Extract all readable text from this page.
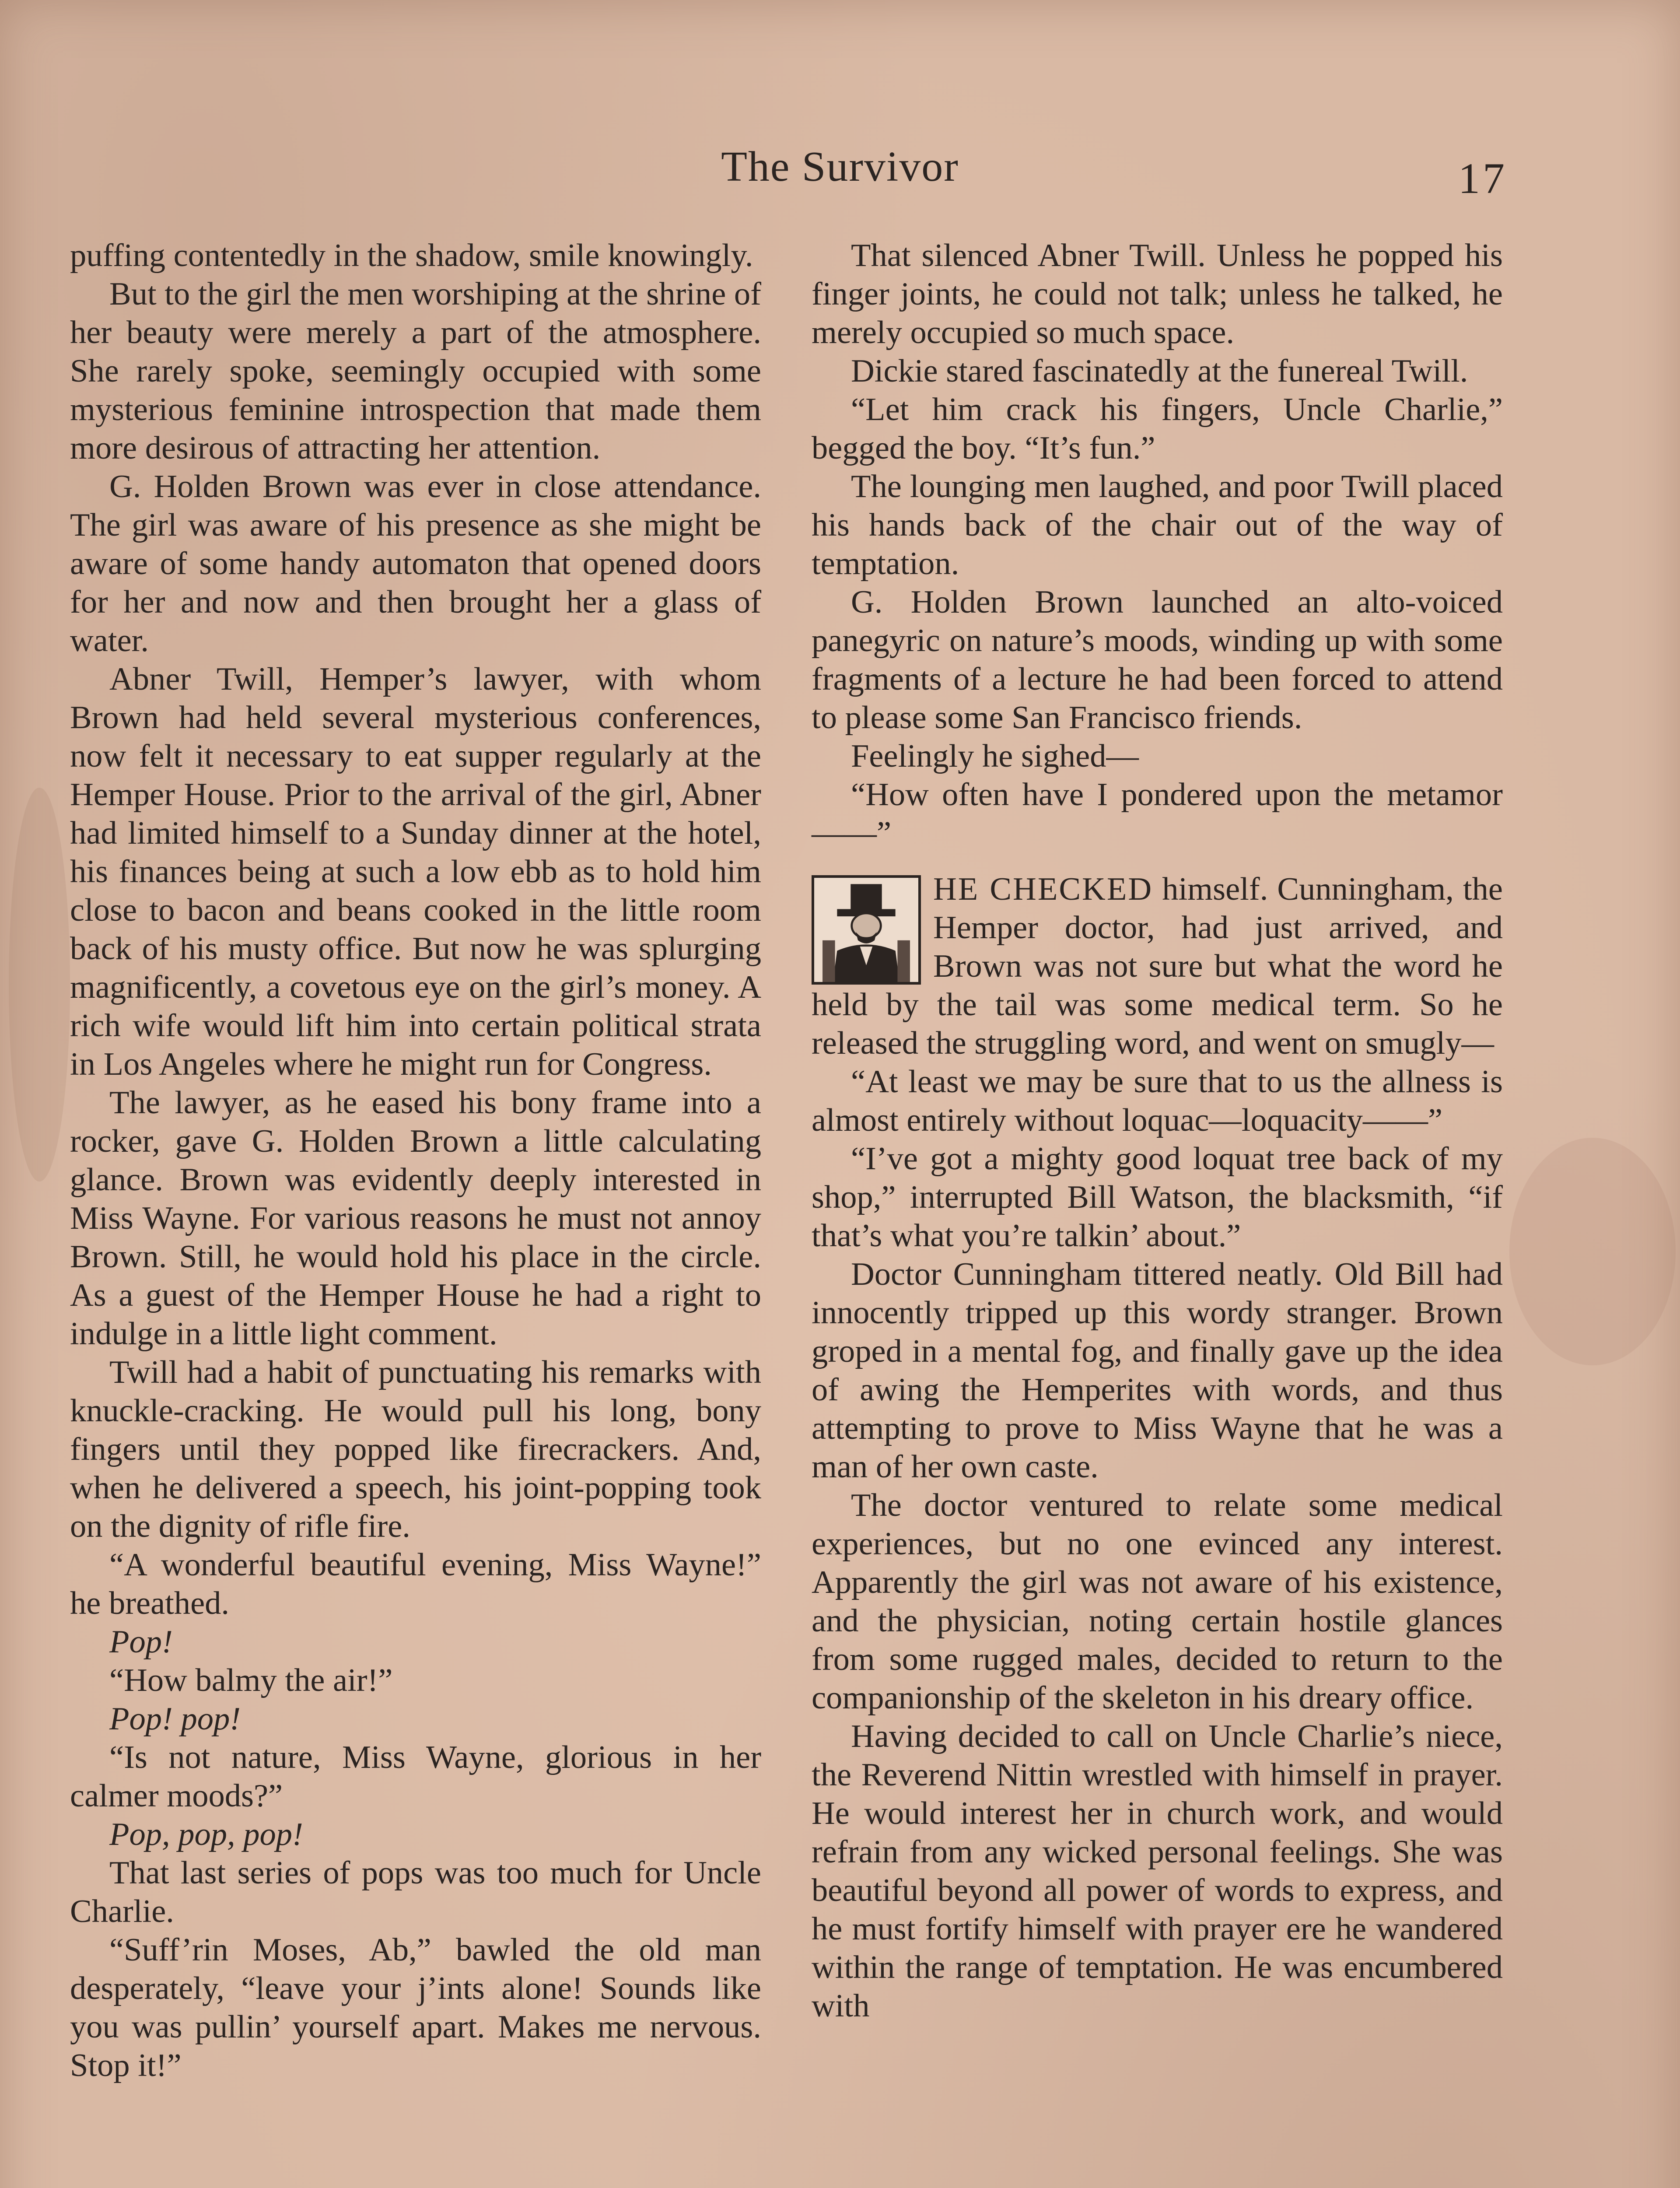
The Survivor	17

puffing contentedly in the shadow, smile knowingly.

But to the girl the men worshiping at the shrine of her beauty were merely a part of the atmosphere. She rarely spoke, seemingly occupied with some mysterious feminine introspection that made them more desirous of attracting her attention.

G. Holden Brown was ever in close attendance. The girl was aware of his presence as she might be aware of some handy automaton that opened doors for her and now and then brought her a glass of water.

Abner Twill, Hemper’s lawyer, with whom Brown had held several mysterious conferences, now felt it necessary to eat supper regularly at the Hemper House. Prior to the arrival of the girl, Abner had limited himself to a Sunday dinner at the hotel, his finances being at such a low ebb as to hold him close to bacon and beans cooked in the little room back of his musty office. But now he was splurging magnificently, a covetous eye on the girl’s money. A rich wife would lift him into certain political strata in Los Angeles where he might run for Congress.

The lawyer, as he eased his bony frame into a rocker, gave G. Holden Brown a little calculating glance. Brown was evidently deeply interested in Miss Wayne. For various reasons he must not annoy Brown. Still, he would hold his place in the circle. As a guest of the Hemper House he had a right to indulge in a little light comment.

Twill had a habit of punctuating his remarks with knuckle-cracking. He would pull his long, bony fingers until they popped like firecrackers. And, when he delivered a speech, his joint-popping took on the dignity of rifle fire.

“A wonderful beautiful evening, Miss Wayne!” he breathed.

Pop!

“How balmy the air!”

Pop! pop!

“Is not nature, Miss Wayne, glorious in her calmer moods?”

Pop, pop, pop!

That last series of pops was too much for Uncle Charlie.

“Suff’rin Moses, Ab,” bawled the old man desperately, “leave your j’ints alone! Sounds like you was pullin’ yourself apart. Makes me nervous. Stop it!”

That silenced Abner Twill. Unless he popped his finger joints, he could not talk; unless he talked, he merely occupied so much space.

Dickie stared fascinatedly at the funereal Twill.

“Let him crack his fingers, Uncle Charlie,” begged the boy. “It’s fun.”

The lounging men laughed, and poor Twill placed his hands back of the chair out of the way of temptation.

G. Holden Brown launched an alto-voiced panegyric on nature’s moods, winding up with some fragments of a lecture he had been forced to attend to please some San Francisco friends.

Feelingly he sighed—

“How often have I pondered upon the metamor——”

HE CHECKED himself. Cunningham, the Hemper doctor, had just arrived, and Brown was not sure but what the word he held by the tail was some medical term. So he released the struggling word, and went on smugly—

“At least we may be sure that to us the allness is almost entirely without loquac—loquacity——”

“I’ve got a mighty good loquat tree back of my shop,” interrupted Bill Watson, the blacksmith, “if that’s what you’re talkin’ about.”

Doctor Cunningham tittered neatly. Old Bill had innocently tripped up this wordy stranger. Brown groped in a mental fog, and finally gave up the idea of awing the Hemperites with words, and thus attempting to prove to Miss Wayne that he was a man of her own caste.

The doctor ventured to relate some medical experiences, but no one evinced any interest. Apparently the girl was not aware of his existence, and the physician, noting certain hostile glances from some rugged males, decided to return to the companionship of the skeleton in his dreary office.

Having decided to call on Uncle Charlie’s niece, the Reverend Nittin wrestled with himself in prayer. He would interest her in church work, and would refrain from any wicked personal feelings. She was beautiful beyond all power of words to express, and he must fortify himself with prayer ere he wandered within the range of temptation. He was encumbered with
